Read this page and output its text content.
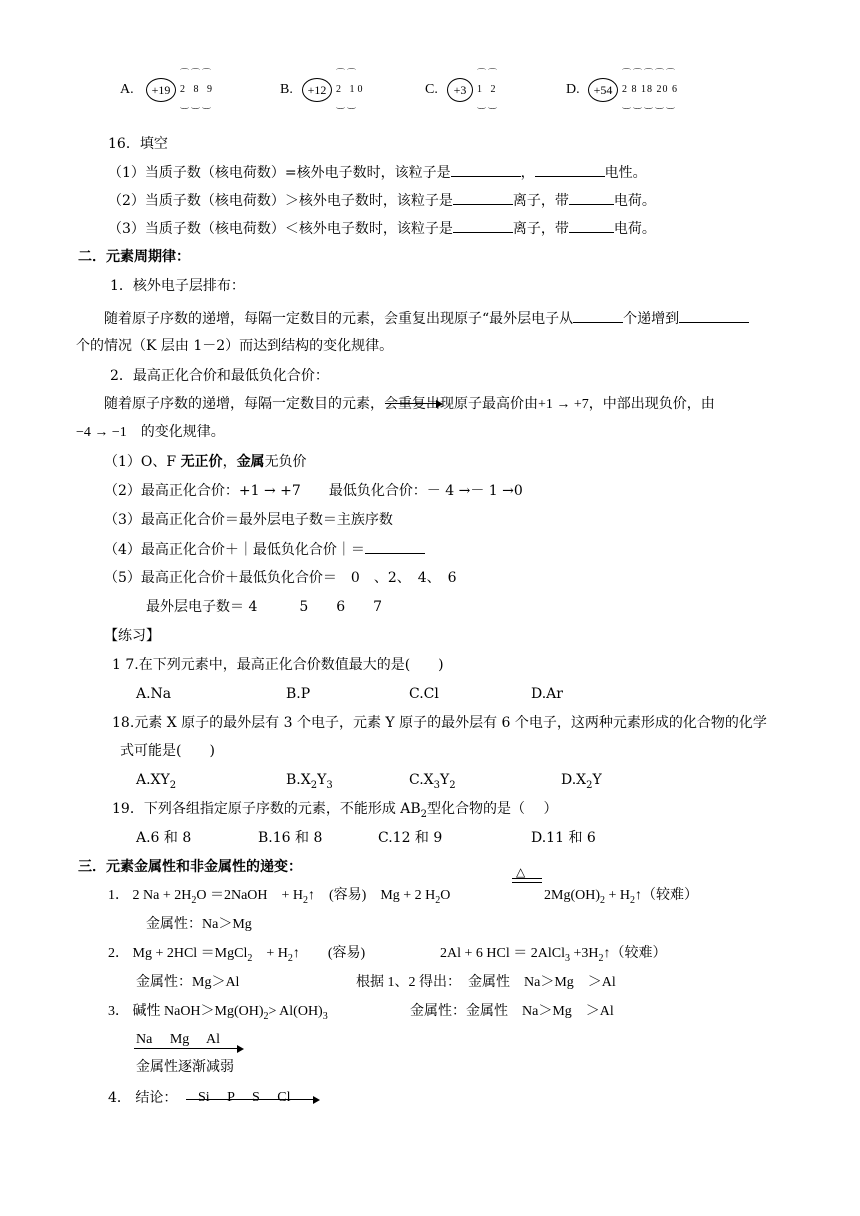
A.	+19
⌒⌒⌒
2 8 9
⌒⌒⌒
B.	+12
⌒⌒
2 10
⌒⌒
C.	+3
⌒⌒
1 2
⌒⌒
D.	+54
⌒⌒⌒⌒⌒
2 8 18 20 6
⌒⌒⌒⌒⌒
16．填空
（1）当质子数（核电荷数）=核外电子数时，该粒子是	，	电性。
（2）当质子数（核电荷数）＞核外电子数时，该粒子是	离子，带	电荷。
（3）当质子数（核电荷数）＜核外电子数时，该粒子是	离子，带	电荷。
二．元素周期律：
1．核外电子层排布：
随着原子序数的递增，每隔一定数目的元素，会重复出现原子“最外层电子从	个递增到
个的情况（K 层由 1－2）而达到结构的变化规律。
2．最高正化合价和最低负化合价：
随着原子序数的递增，每隔一定数目的元素，会重复出现原子最高价由+1 → +7，中部出现负价，由
−4 → −1　 的变化规律。
（1）O、F 无正价，金属无负价
（2）最高正化合价：+1 → +7　　最低负化合价：－ 4 →－ 1 →0
（3）最高正化合价＝最外层电子数＝主族序数
（4）最高正化合价＋｜最低负化合价｜＝
（5）最高正化合价＋最低负化合价＝　0　、2、　4、　6
最外层电子数＝ 4　　　5　　6　　7
【练习】
1 7.在下列元素中，最高正化合价数值最大的是(　　)
A.Na	B.P	C.Cl	D.Ar
18.元素 X 原子的最外层有 3 个电子，元素 Y 原子的最外层有 6 个电子，这两种元素形成的化合物的化学
式可能是(　　)
$A.XY_2$	$B.X_2Y_3$	$C.X_3Y_2$	$D.X_2Y$
19．下列各组指定原子序数的元素，不能形成 $AB_2$型化合物的是（　 ）
A.6 和 8	B.16 和 8	C.12 和 9	D.11 和 6
三．元素金属性和非金属性的递变：	△
1． 2 $Na + 2H_2O$ ＝2NaOH　+ $H_2↑$　(容易)　Mg + 2 $H_2O$	$2Mg(OH)_2$ + $H_2↑$（较难）
金属性：Na＞Mg
2． Mg + 2HCl ＝MgCl$_2$　+ $H_2↑$　　(容易)	2Al + 6 HCl ＝ 2AlCl$_3$ $+3H_2↑$（较难）
金属性：Mg＞Al	根据 1、2 得出：　金属性　Na＞Mg　＞Al
3． 碱性 $NaOH>Mg(OH)_2> Al(OH)_3$	金属性：金属性　Na＞Mg　＞Al
Na　 Mg　 Al
金属性逐渐减弱
4． 结论： Si　 P　 S　 Cl
